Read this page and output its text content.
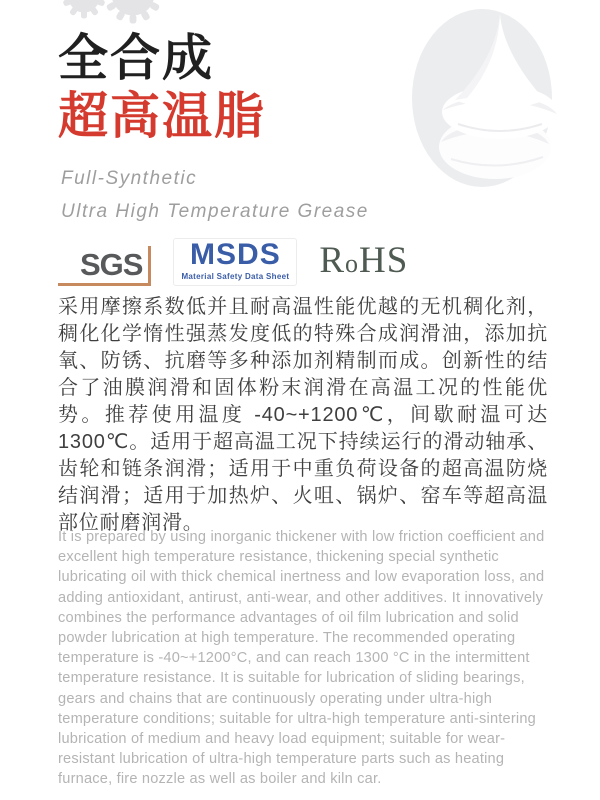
全合成
超高温脂

Full-Synthetic
Ultra High Temperature Grease

SGS MSDS
Material Safety Data Sheet RoHS

采用摩擦系数低并且耐高温性能优越的无机稠化剂，稠化化学惰性强蒸发度低的特殊合成润滑油，添加抗氧、防锈、抗磨等多种添加剂精制而成。创新性的结合了油膜润滑和固体粉末润滑在高温工况的性能优势。推荐使用温度 -40~+1200℃，间歇耐温可达 1300℃。适用于超高温工况下持续运行的滑动轴承、齿轮和链条润滑；适用于中重负荷设备的超高温防烧结润滑；适用于加热炉、火咀、锅炉、窑车等超高温部位耐磨润滑。

It is prepared by using inorganic thickener with low friction coefficient and excellent high temperature resistance, thickening special synthetic lubricating oil with thick chemical inertness and low evaporation loss, and adding antioxidant, antirust, anti-wear, and other additives. It innovatively combines the performance advantages of oil film lubrication and solid powder lubrication at high temperature. The recommended operating temperature is -40~+1200°C, and can reach 1300 °C in the intermittent temperature resistance. It is suitable for lubrication of sliding bearings, gears and chains that are continuously operating under ultra-high temperature conditions; suitable for ultra-high temperature anti-sintering lubrication of medium and heavy load equipment; suitable for wear-resistant lubrication of ultra-high temperature parts such as heating furnace, fire nozzle as well as boiler and kiln car.
